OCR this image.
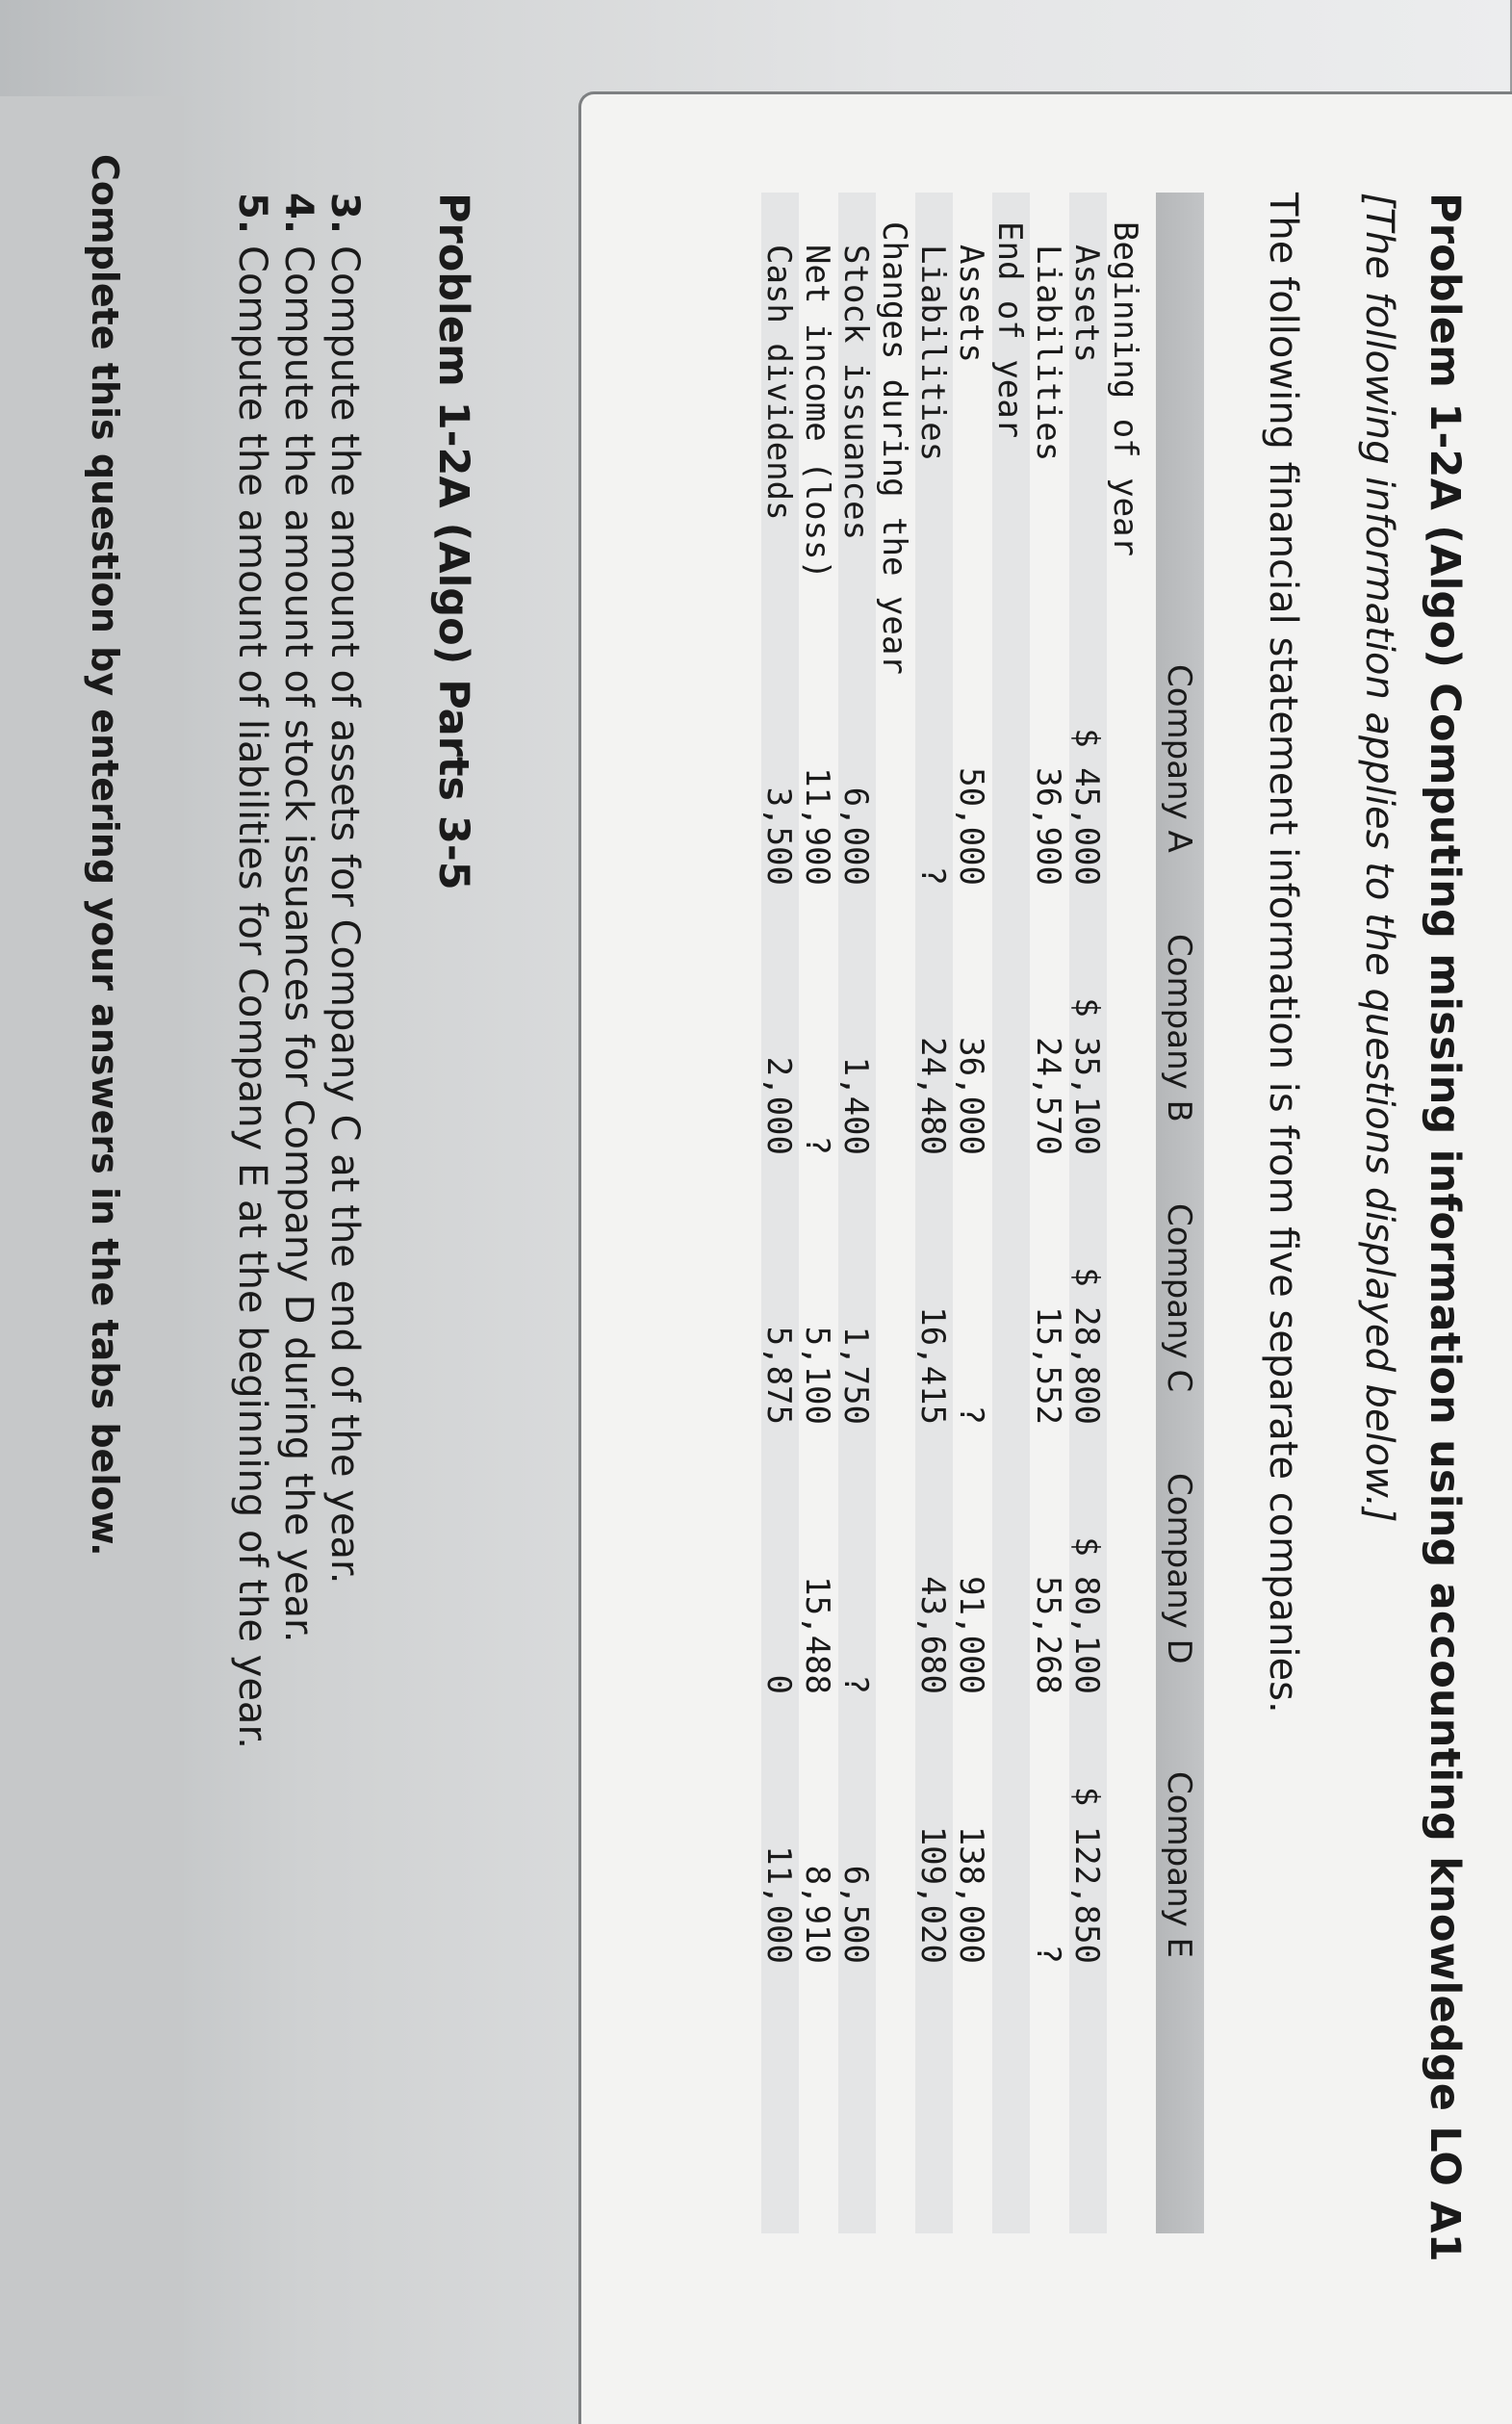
Problem 1-2A (Algo) Computing missing information using accounting knowledge LO A1
[The following information applies to the questions displayed below.]
The following financial statement information is from five separate companies.
Company A
Company B
Company C
Company D
Company E
Beginning of year
Assets
$ 45,000
$ 35,100
$ 28,800
$ 80,100
$ 122,850
Liabilities
36,900
24,570
15,552
55,268
?
End of year
Assets
50,000
36,000
?
91,000
138,000
Liabilities
?
24,480
16,415
43,680
109,020
Changes during the year
Stock issuances
6,000
1,400
1,750
?
6,500
Net income (loss)
11,900
?
5,100
15,488
8,910
Cash dividends
3,500
2,000
5,875
0
11,000
Problem 1-2A (Algo) Parts 3-5
3.Compute the amount of assets for Company C at the end of the year.
4.Compute the amount of stock issuances for Company D during the year.
5.Compute the amount of liabilities for Company E at the beginning of the year.
Complete this question by entering your answers in the tabs below.
